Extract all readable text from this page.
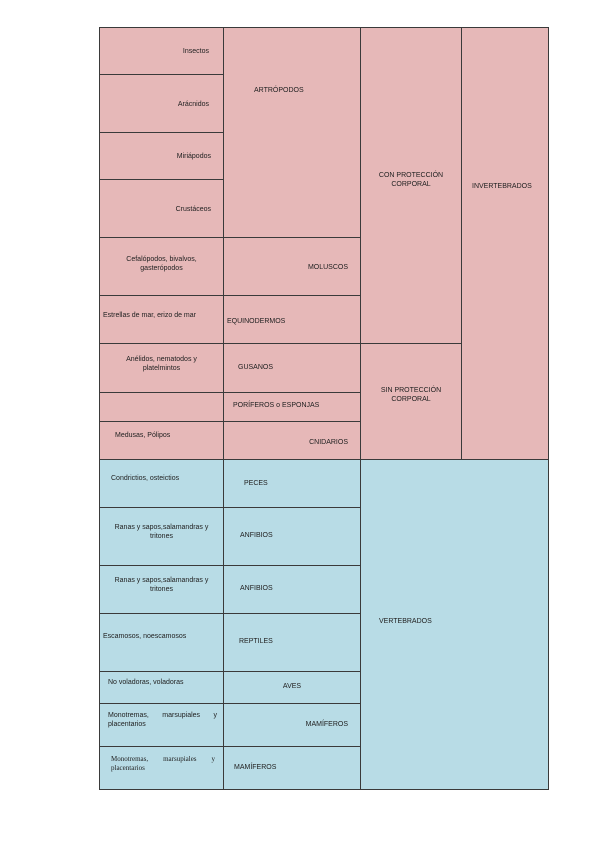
Insectos
Arácnidos
Miriápodos
Crustáceos
Cefalópodos, bivalvos, gasterópodos
Estrellas de mar, erizo de mar
Anélidos, nematodos y platelmintos
Medusas, Pólipos
Condrictios, osteictios
Ranas y sapos,salamandras y tritones
Ranas y sapos,salamandras y tritones
Escamosos, noescamosos
No voladoras, voladoras
Monotremas, marsupiales y placentarios
Monotremas, marsupiales y placentarios
ARTRÓPODOS
MOLUSCOS
EQUINODERMOS
GUSANOS
PORÍFEROS o ESPONJAS
CNIDARIOS
PECES
ANFIBIOS
ANFIBIOS
REPTILES
AVES
MAMÍFEROS
MAMÍFEROS
CON PROTECCIÓN CORPORAL
SIN PROTECCIÓN CORPORAL
INVERTEBRADOS
VERTEBRADOS
